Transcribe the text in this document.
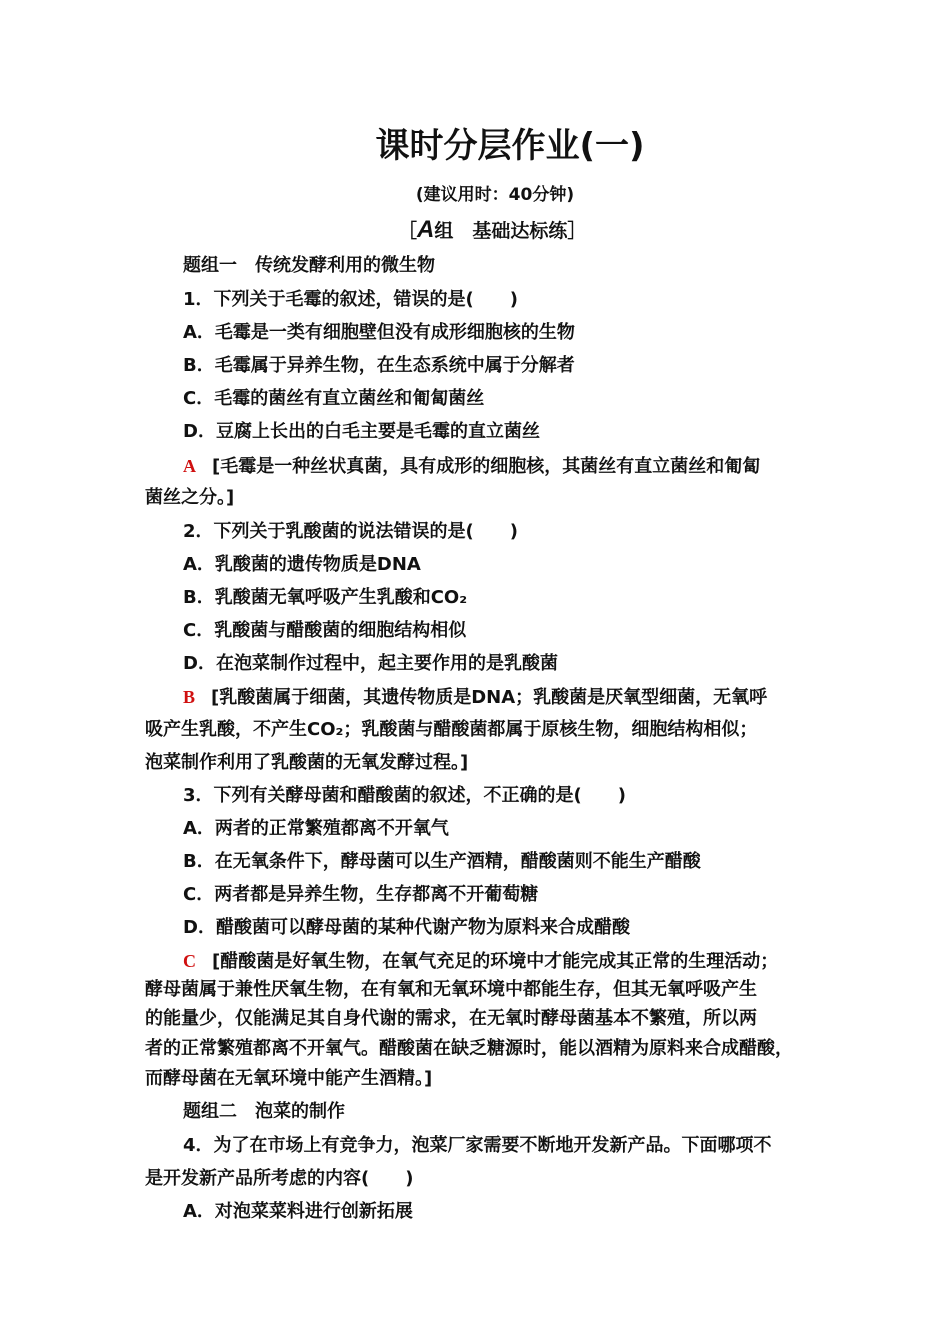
课时分层作业(一)
(建议用时：40分钟)
［A组　基础达标练］
题组一　传统发酵利用的微生物
1．下列关于毛霉的叙述，错误的是(　　)
A．毛霉是一类有细胞壁但没有成形细胞核的生物
B．毛霉属于异养生物，在生态系统中属于分解者
C．毛霉的菌丝有直立菌丝和匍匐菌丝
D．豆腐上长出的白毛主要是毛霉的直立菌丝
A [毛霉是一种丝状真菌，具有成形的细胞核，其菌丝有直立菌丝和匍匐
菌丝之分。]
2．下列关于乳酸菌的说法错误的是(　　)
A．乳酸菌的遗传物质是DNA
B．乳酸菌无氧呼吸产生乳酸和CO₂
C．乳酸菌与醋酸菌的细胞结构相似
D．在泡菜制作过程中，起主要作用的是乳酸菌
B [乳酸菌属于细菌，其遗传物质是DNA；乳酸菌是厌氧型细菌，无氧呼
吸产生乳酸，不产生CO₂；乳酸菌与醋酸菌都属于原核生物，细胞结构相似；
泡菜制作利用了乳酸菌的无氧发酵过程。]
3．下列有关酵母菌和醋酸菌的叙述，不正确的是(　　)
A．两者的正常繁殖都离不开氧气
B．在无氧条件下，酵母菌可以生产酒精，醋酸菌则不能生产醋酸
C．两者都是异养生物，生存都离不开葡萄糖
D．醋酸菌可以酵母菌的某种代谢产物为原料来合成醋酸
C [醋酸菌是好氧生物，在氧气充足的环境中才能完成其正常的生理活动；
酵母菌属于兼性厌氧生物，在有氧和无氧环境中都能生存，但其无氧呼吸产生
的能量少，仅能满足其自身代谢的需求，在无氧时酵母菌基本不繁殖，所以两
者的正常繁殖都离不开氧气。醋酸菌在缺乏糖源时，能以酒精为原料来合成醋酸，
而酵母菌在无氧环境中能产生酒精。]
题组二　泡菜的制作
4．为了在市场上有竞争力，泡菜厂家需要不断地开发新产品。下面哪项不
是开发新产品所考虑的内容(　　)
A．对泡菜菜料进行创新拓展
